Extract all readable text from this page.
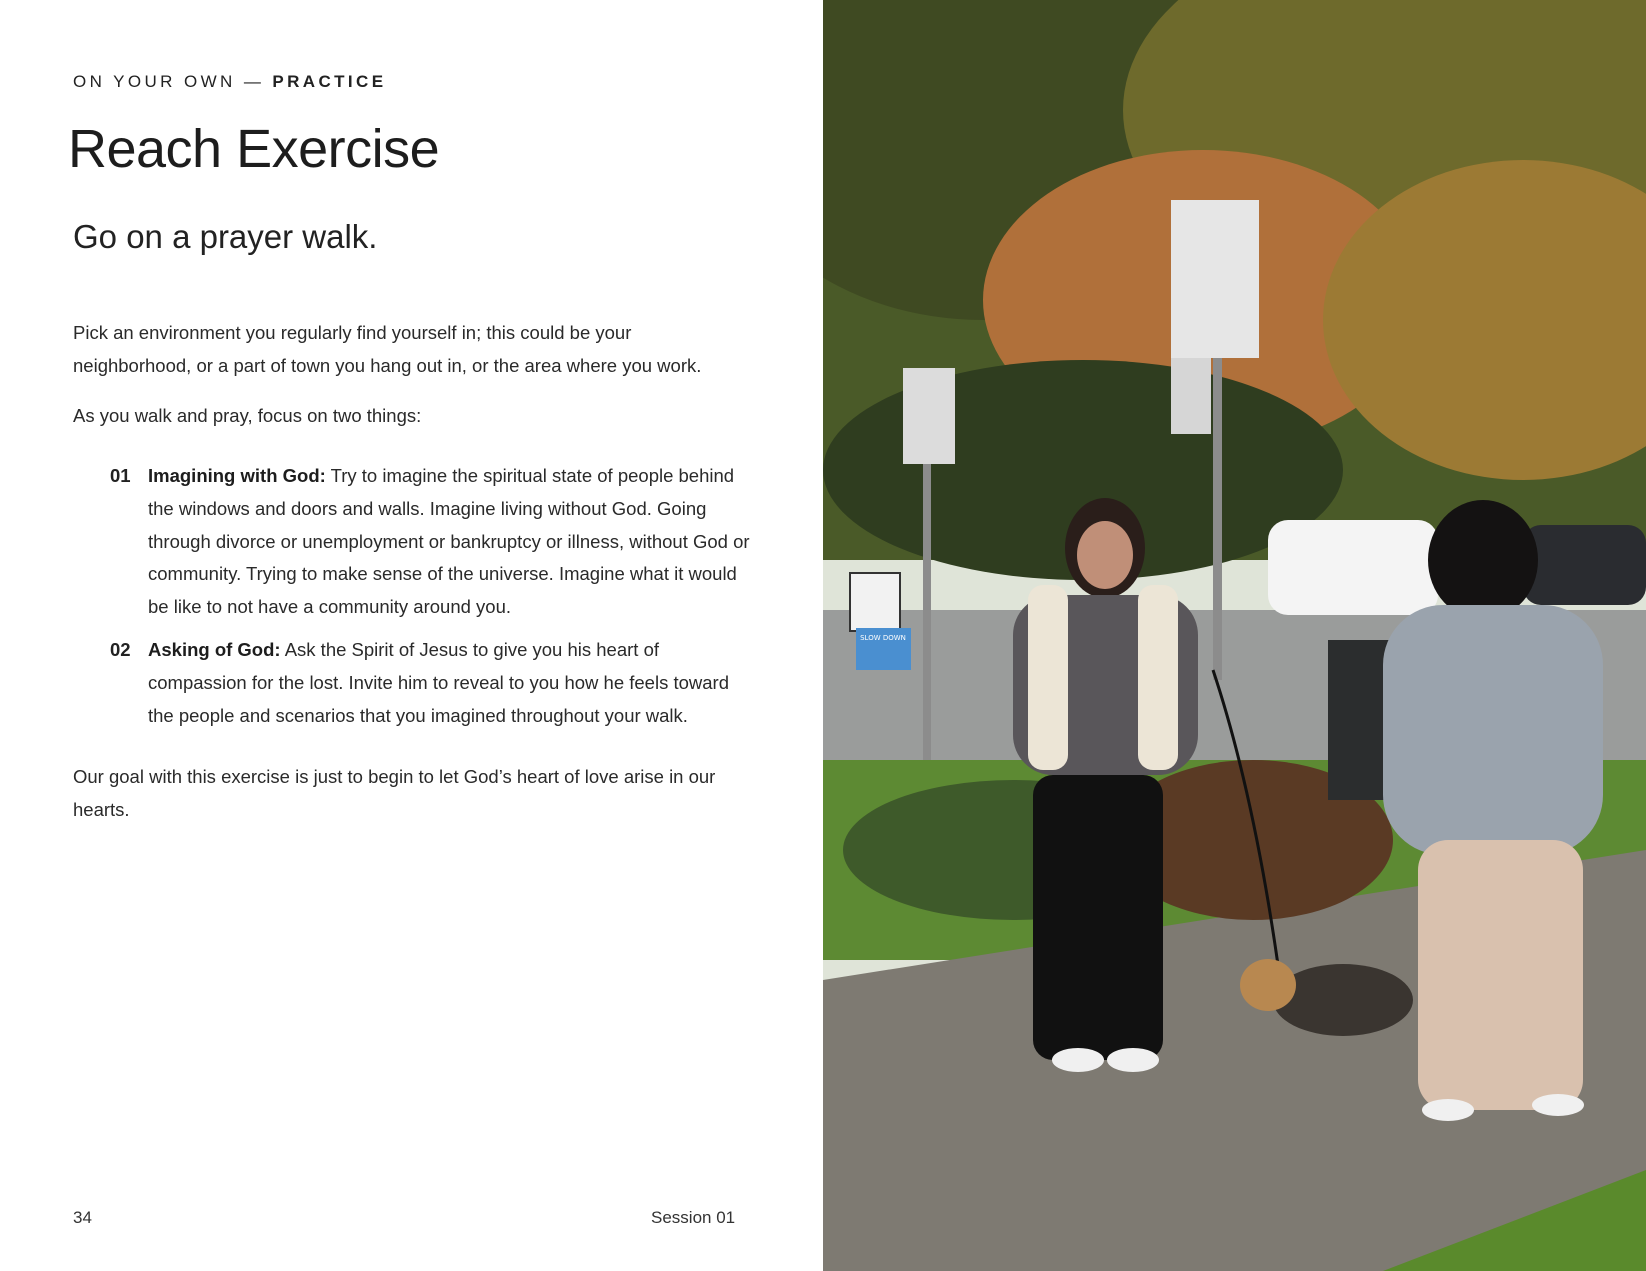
ON YOUR OWN — PRACTICE
Reach Exercise
Go on a prayer walk.

Pick an environment you regularly find yourself in; this could be your neighborhood, or a part of town you hang out in, or the area where you work.

As you walk and pray, focus on two things:

01 Imagining with God: Try to imagine the spiritual state of people behind the windows and doors and walls. Imagine living without God. Going through divorce or unemployment or bankruptcy or illness, without God or community. Trying to make sense of the universe. Imagine what it would be like to not have a community around you.
02 Asking of God: Ask the Spirit of Jesus to give you his heart of compassion for the lost. Invite him to reveal to you how he feels toward the people and scenarios that you imagined throughout your walk.

Our goal with this exercise is just to begin to let God’s heart of love arise in our hearts.

34	Session 01
SLOW DOWN
